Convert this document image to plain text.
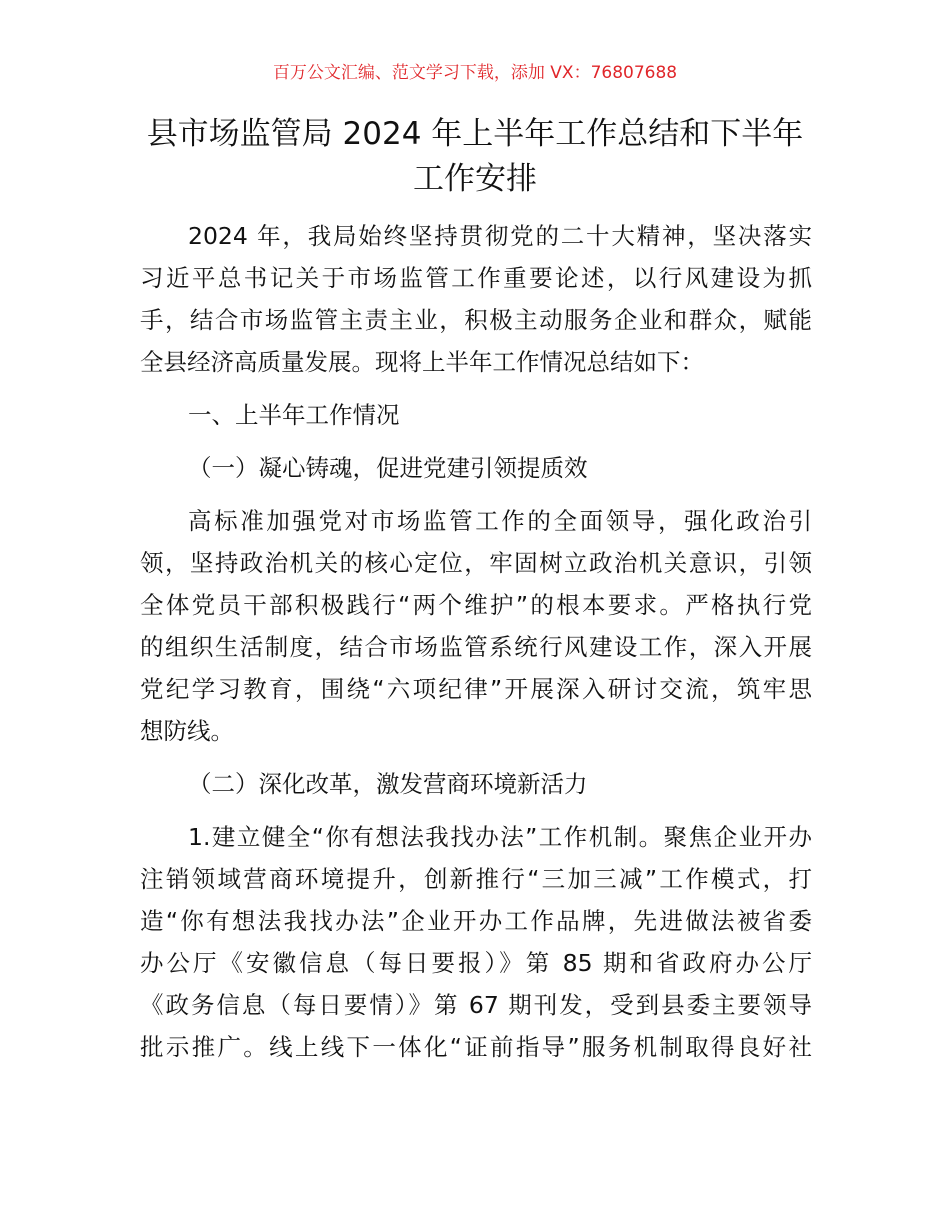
百万公文汇编、范文学习下载，添加 VX：76807688
县市场监管局 2024 年上半年工作总结和下半年
工作安排
2024 年，我局始终坚持贯彻党的二十大精神，坚决落实
习近平总书记关于市场监管工作重要论述，以行风建设为抓
手，结合市场监管主责主业，积极主动服务企业和群众，赋能
全县经济高质量发展。现将上半年工作情况总结如下：
一、上半年工作情况
（一）凝心铸魂，促进党建引领提质效
高标准加强党对市场监管工作的全面领导，强化政治引
领，坚持政治机关的核心定位，牢固树立政治机关意识，引领
全体党员干部积极践行“两个维护”的根本要求。严格执行党
的组织生活制度，结合市场监管系统行风建设工作，深入开展
党纪学习教育，围绕“六项纪律”开展深入研讨交流，筑牢思
想防线。
（二）深化改革，激发营商环境新活力
1.建立健全“你有想法我找办法”工作机制。聚焦企业开办
注销领域营商环境提升，创新推行“三加三减”工作模式，打
造“你有想法我找办法”企业开办工作品牌，先进做法被省委
办公厅《安徽信息（每日要报）》第 85 期和省政府办公厅
《政务信息（每日要情）》第 67 期刊发，受到县委主要领导
批示推广。线上线下一体化“证前指导”服务机制取得良好社
